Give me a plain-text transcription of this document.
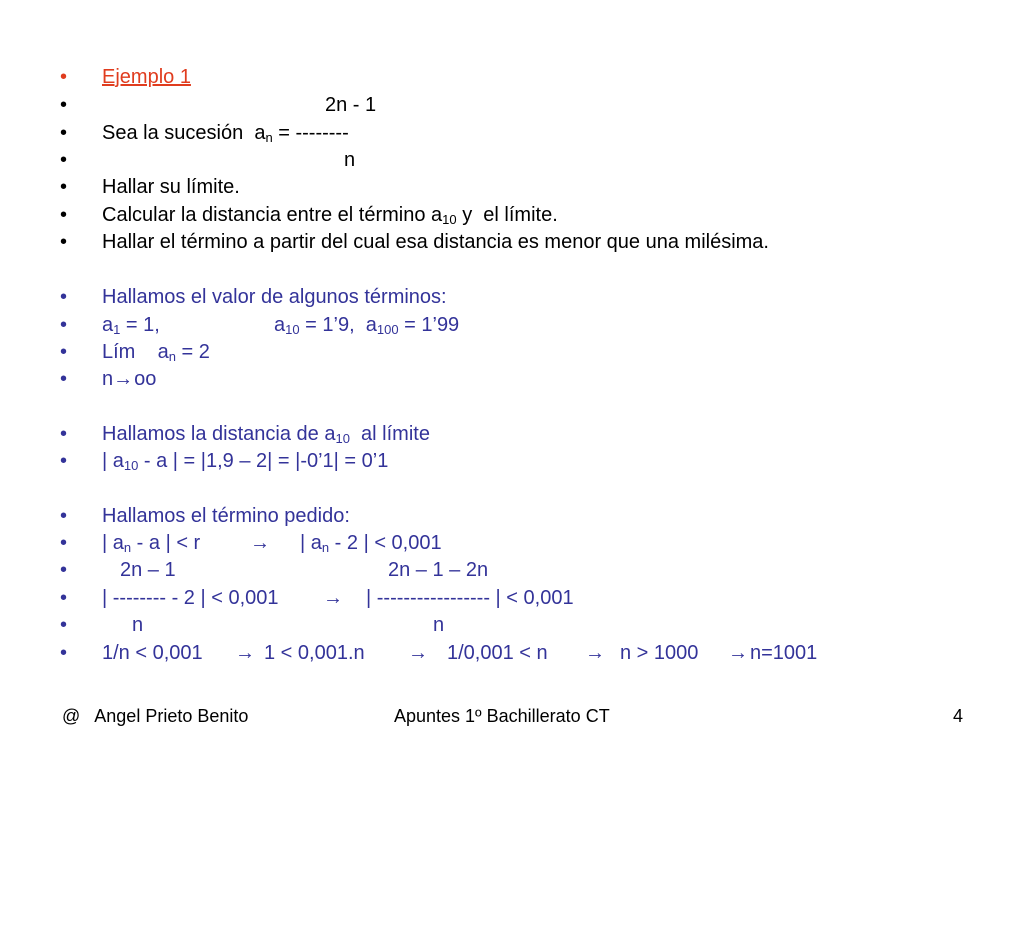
•

	Ejemplo 1

•

	2n - 1

•

	Sea la sucesión  $a_n$ = --------

•

	n

•

	Hallar su límite.

•

	Calcular la distancia entre el término $a_{10}$ y  el límite.

•

	Hallar el término a partir del cual esa distancia es menor que una milésima.

•

	Hallamos el valor de algunos términos:

•

	$a_1 = 1$,

	$a_{10}$ = 1’9,  $a_{100}$ = 1’99

•

	Lím    $a_n = 2$

•

	n→oo

•

	Hallamos la distancia de $a_{10}$  al límite

•

	| $a_{10}$ - a | = |1,9 – 2| = |-0’1| = 0’1

•

	Hallamos el término pedido:

•

	| $a_n$ - a | < r

→

| $a_n - 2$ | < 0,001

•

	2n – 1

	2n – 1 – 2n

•

	| -------- - 2 | < 0,001

→

| ----------------- | < 0,001

•

	n

	n

•

	1/n < 0,001

→

1 < 0,001.n

→

1/0,001 < n

→

n > 1000

→

n=1001

@   Angel Prieto Benito	Apuntes 1º Bachillerato CT	4
